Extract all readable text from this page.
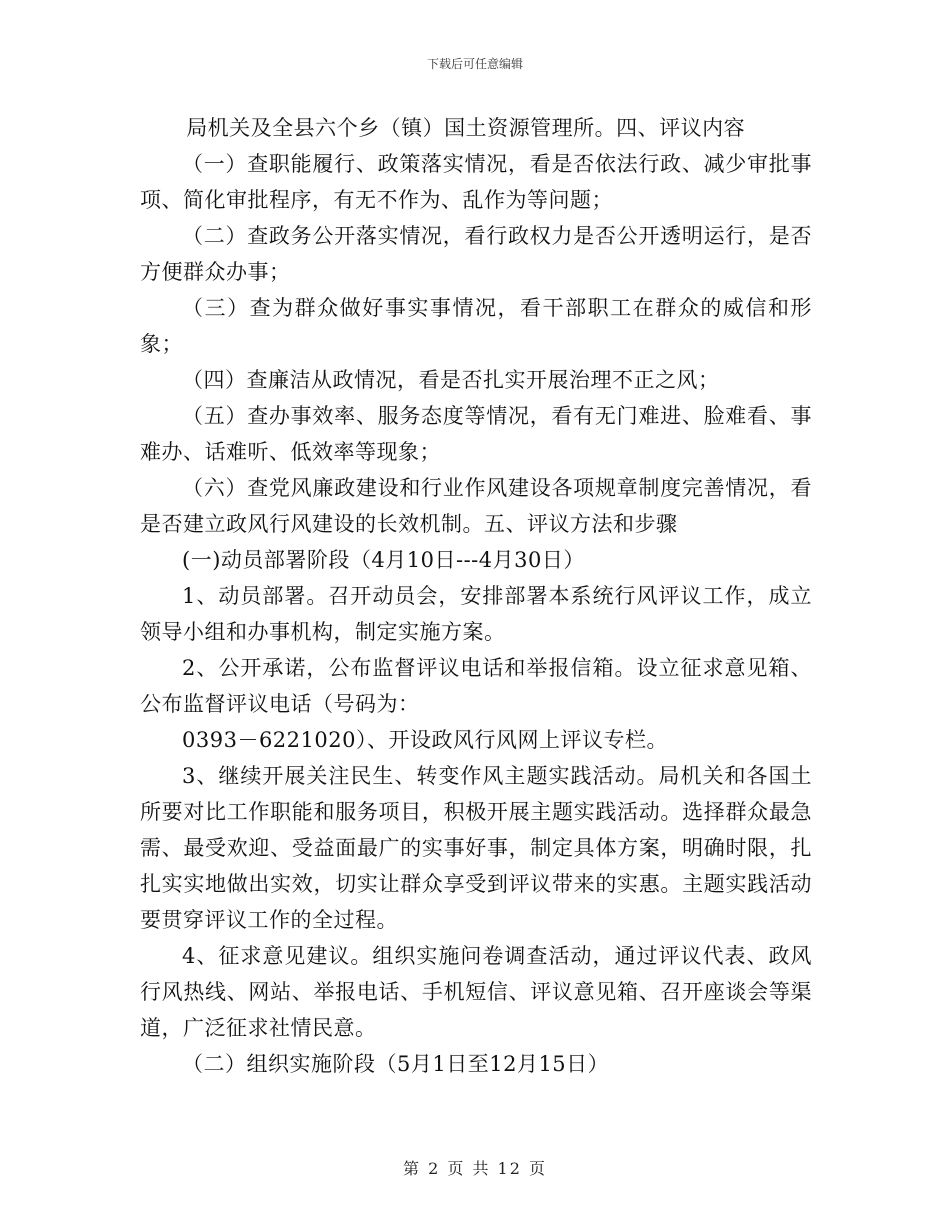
下载后可任意编辑

局机关及全县六个乡（镇）国土资源管理所。四、评议内容

（一）查职能履行、政策落实情况，看是否依法行政、减少审批事项、简化审批程序，有无不作为、乱作为等问题；

（二）查政务公开落实情况，看行政权力是否公开透明运行，是否方便群众办事；

（三）查为群众做好事实事情况，看干部职工在群众的威信和形象；

（四）查廉洁从政情况，看是否扎实开展治理不正之风；

（五）查办事效率、服务态度等情况，看有无门难进、脸难看、事难办、话难听、低效率等现象；

（六）查党风廉政建设和行业作风建设各项规章制度完善情况，看是否建立政风行风建设的长效机制。五、评议方法和步骤

(一)动员部署阶段（4月10日---4月30日）

1、动员部署。召开动员会，安排部署本系统行风评议工作，成立领导小组和办事机构，制定实施方案。

2、公开承诺，公布监督评议电话和举报信箱。设立征求意见箱、公布监督评议电话（号码为：

0393－6221020）、开设政风行风网上评议专栏。

3、继续开展关注民生、转变作风主题实践活动。局机关和各国土所要对比工作职能和服务项目，积极开展主题实践活动。选择群众最急需、最受欢迎、受益面最广的实事好事，制定具体方案，明确时限，扎扎实实地做出实效，切实让群众享受到评议带来的实惠。主题实践活动要贯穿评议工作的全过程。

4、征求意见建议。组织实施问卷调查活动，通过评议代表、政风行风热线、网站、举报电话、手机短信、评议意见箱、召开座谈会等渠道，广泛征求社情民意。

（二）组织实施阶段（5月1日至12月15日）

第 2 页 共 12 页
